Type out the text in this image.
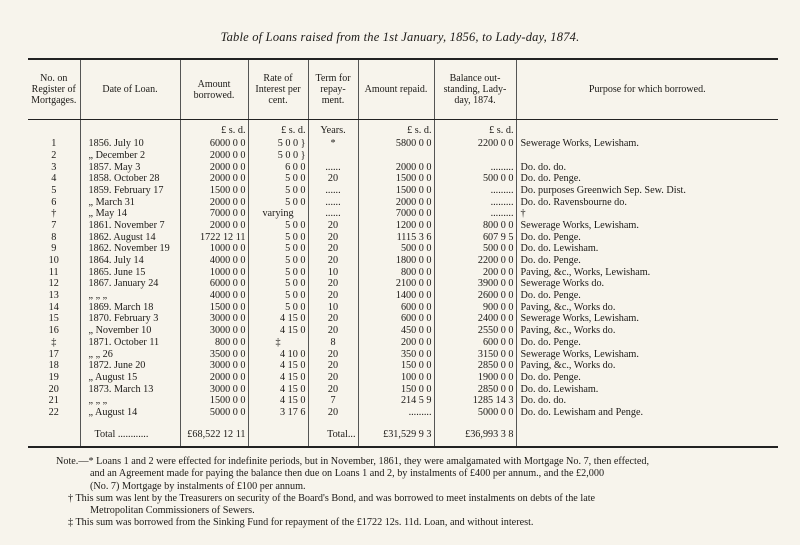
Table of Loans raised from the 1st January, 1856, to Lady-day, 1874.
No. on Register of Mortgages.	Date of Loan.	Amount borrowed.	Rate of Interest per cent.	Term for repay-ment.	Amount repaid.	Balance out-standing, Lady-day, 1874.	Purpose for which borrowed.
		£ s. d.	£ s. d.	Years.	£ s. d.	£ s. d.	
1	1856. July 10	6000 0 0	5 0 0 }	*	5800 0 0	2200 0 0	Sewerage Works, Lewisham.
2	„ December 2	2000 0 0	5 0 0 }				
3	1857. May 3	2000 0 0	6 0 0	......	2000 0 0	.........	Do. do. do.
4	1858. October 28	2000 0 0	5 0 0	20	1500 0 0	500 0 0	Do. do. Penge.
5	1859. February 17	1500 0 0	5 0 0	......	1500 0 0	.........	Do. purposes Greenwich Sep. Sew. Dist.
6	„ March 31	2000 0 0	5 0 0	......	2000 0 0	.........	Do. do. Ravensbourne do.
†	„ May 14	7000 0 0	varying	......	7000 0 0	.........	†
7	1861. November 7	2000 0 0	5 0 0	20	1200 0 0	800 0 0	Sewerage Works, Lewisham.
8	1862. August 14	1722 12 11	5 0 0	20	1115 3 6	607 9 5	Do. do. Penge.
9	1862. November 19	1000 0 0	5 0 0	20	500 0 0	500 0 0	Do. do. Lewisham.
10	1864. July 14	4000 0 0	5 0 0	20	1800 0 0	2200 0 0	Do. do. Penge.
11	1865. June 15	1000 0 0	5 0 0	10	800 0 0	200 0 0	Paving, &c., Works, Lewisham.
12	1867. January 24	6000 0 0	5 0 0	20	2100 0 0	3900 0 0	Sewerage Works do.
13	„ „ „	4000 0 0	5 0 0	20	1400 0 0	2600 0 0	Do. do. Penge.
14	1869. March 18	1500 0 0	5 0 0	10	600 0 0	900 0 0	Paving, &c., Works do.
15	1870. February 3	3000 0 0	4 15 0	20	600 0 0	2400 0 0	Sewerage Works, Lewisham.
16	„ November 10	3000 0 0	4 15 0	20	450 0 0	2550 0 0	Paving, &c., Works do.
‡	1871. October 11	800 0 0	‡	8	200 0 0	600 0 0	Do. do. Penge.
17	„ „ 26	3500 0 0	4 10 0	20	350 0 0	3150 0 0	Sewerage Works, Lewisham.
18	1872. June 20	3000 0 0	4 15 0	20	150 0 0	2850 0 0	Paving, &c., Works do.
19	„ August 15	2000 0 0	4 15 0	20	100 0 0	1900 0 0	Do. do. Penge.
20	1873. March 13	3000 0 0	4 15 0	20	150 0 0	2850 0 0	Do. do. Lewisham.
21	„ „ „	1500 0 0	4 15 0	7	214 5 9	1285 14 3	Do. do. do.
22	„ August 14	5000 0 0	3 17 6	20	.........	5000 0 0	Do. do. Lewisham and Penge.

	Total ............	£68,522 12 11		Total...	£31,529 9 3	£36,993 3 8	

Note.—* Loans 1 and 2 were effected for indefinite periods, but in November, 1861, they were amalgamated with Mortgage No. 7, then effected,

and an Agreement made for paying the balance then due on Loans 1 and 2, by instalments of £400 per annum., and the £2,000

(No. 7) Mortgage by instalments of £100 per annum.

† This sum was lent by the Treasurers on security of the Board's Bond, and was borrowed to meet instalments on debts of the late

Metropolitan Commissioners of Sewers.

‡ This sum was borrowed from the Sinking Fund for repayment of the £1722 12s. 11d. Loan, and without interest.
